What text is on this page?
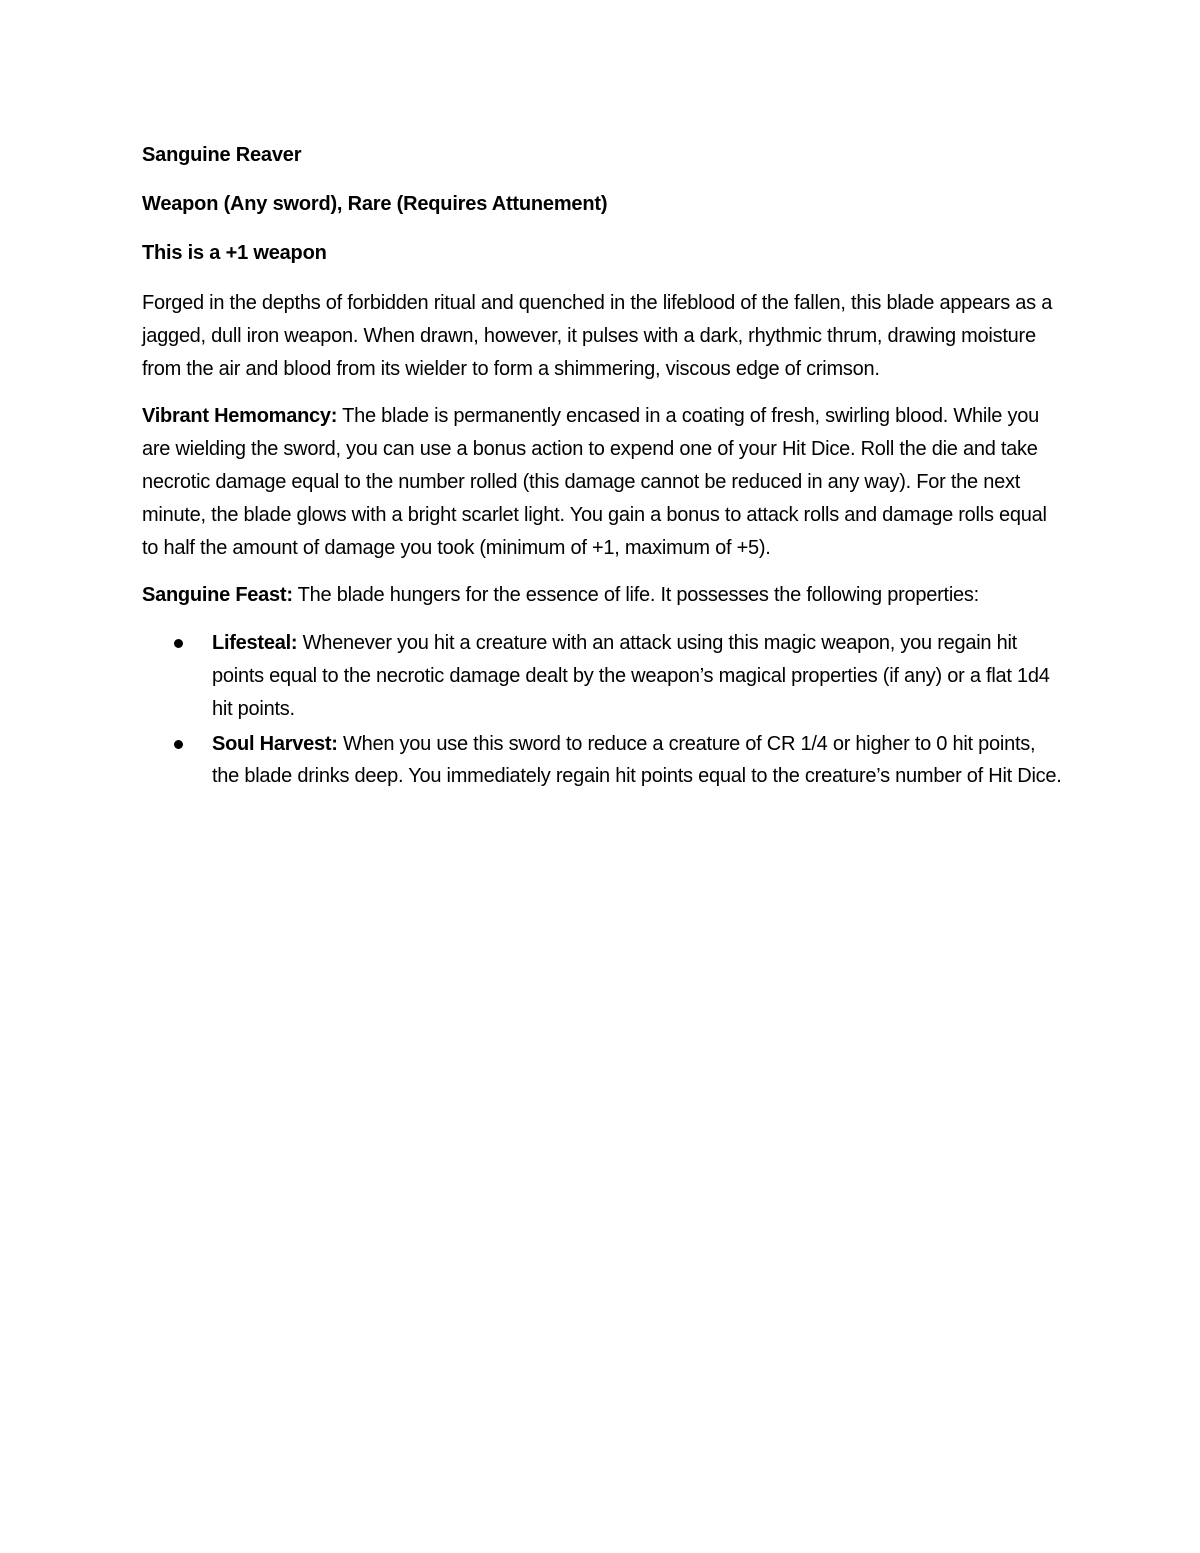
Sanguine Reaver

Weapon (Any sword), Rare (Requires Attunement)

This is a +1 weapon

Forged in the depths of forbidden ritual and quenched in the lifeblood of the fallen, this blade appears as a jagged, dull iron weapon. When drawn, however, it pulses with a dark, rhythmic thrum, drawing moisture from the air and blood from its wielder to form a shimmering, viscous edge of crimson.

Vibrant Hemomancy: The blade is permanently encased in a coating of fresh, swirling blood. While you are wielding the sword, you can use a bonus action to expend one of your Hit Dice. Roll the die and take necrotic damage equal to the number rolled (this damage cannot be reduced in any way). For the next minute, the blade glows with a bright scarlet light. You gain a bonus to attack rolls and damage rolls equal to half the amount of damage you took (minimum of +1, maximum of +5).

Sanguine Feast: The blade hungers for the essence of life. It possesses the following properties:

Lifesteal: Whenever you hit a creature with an attack using this magic weapon, you regain hit points equal to the necrotic damage dealt by the weapon’s magical properties (if any) or a flat 1d4 hit points.
Soul Harvest: When you use this sword to reduce a creature of CR 1/4 or higher to 0 hit points, the blade drinks deep. You immediately regain hit points equal to the creature’s number of Hit Dice.
